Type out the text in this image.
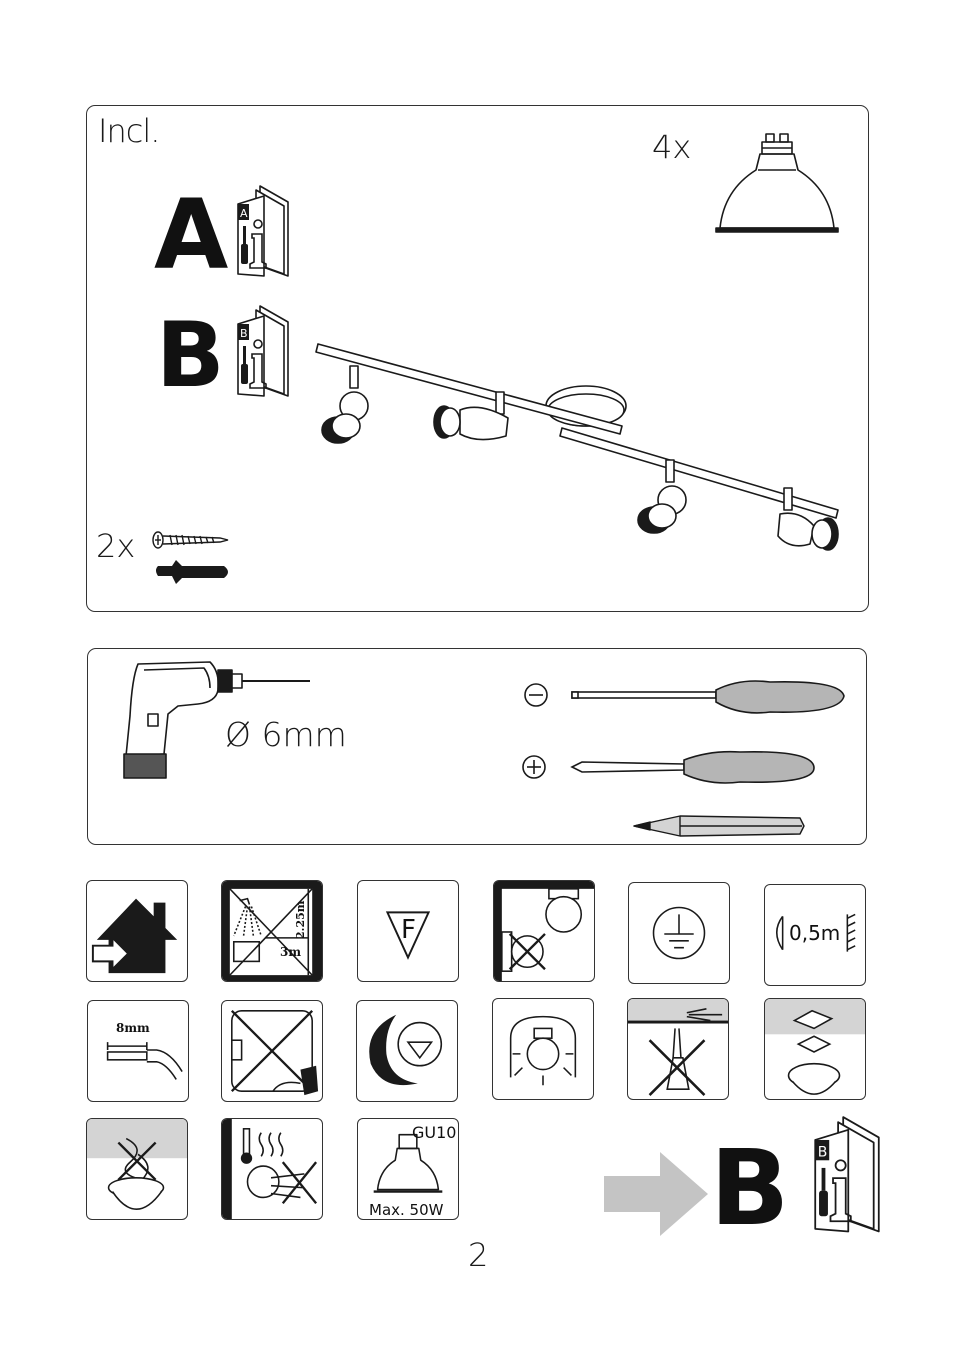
Incl.	4x
A A
B B
2x
Ø 6mm
2.25m
3m
F	0,5m
8mm
GU10
Max. 50W	B	B
2
